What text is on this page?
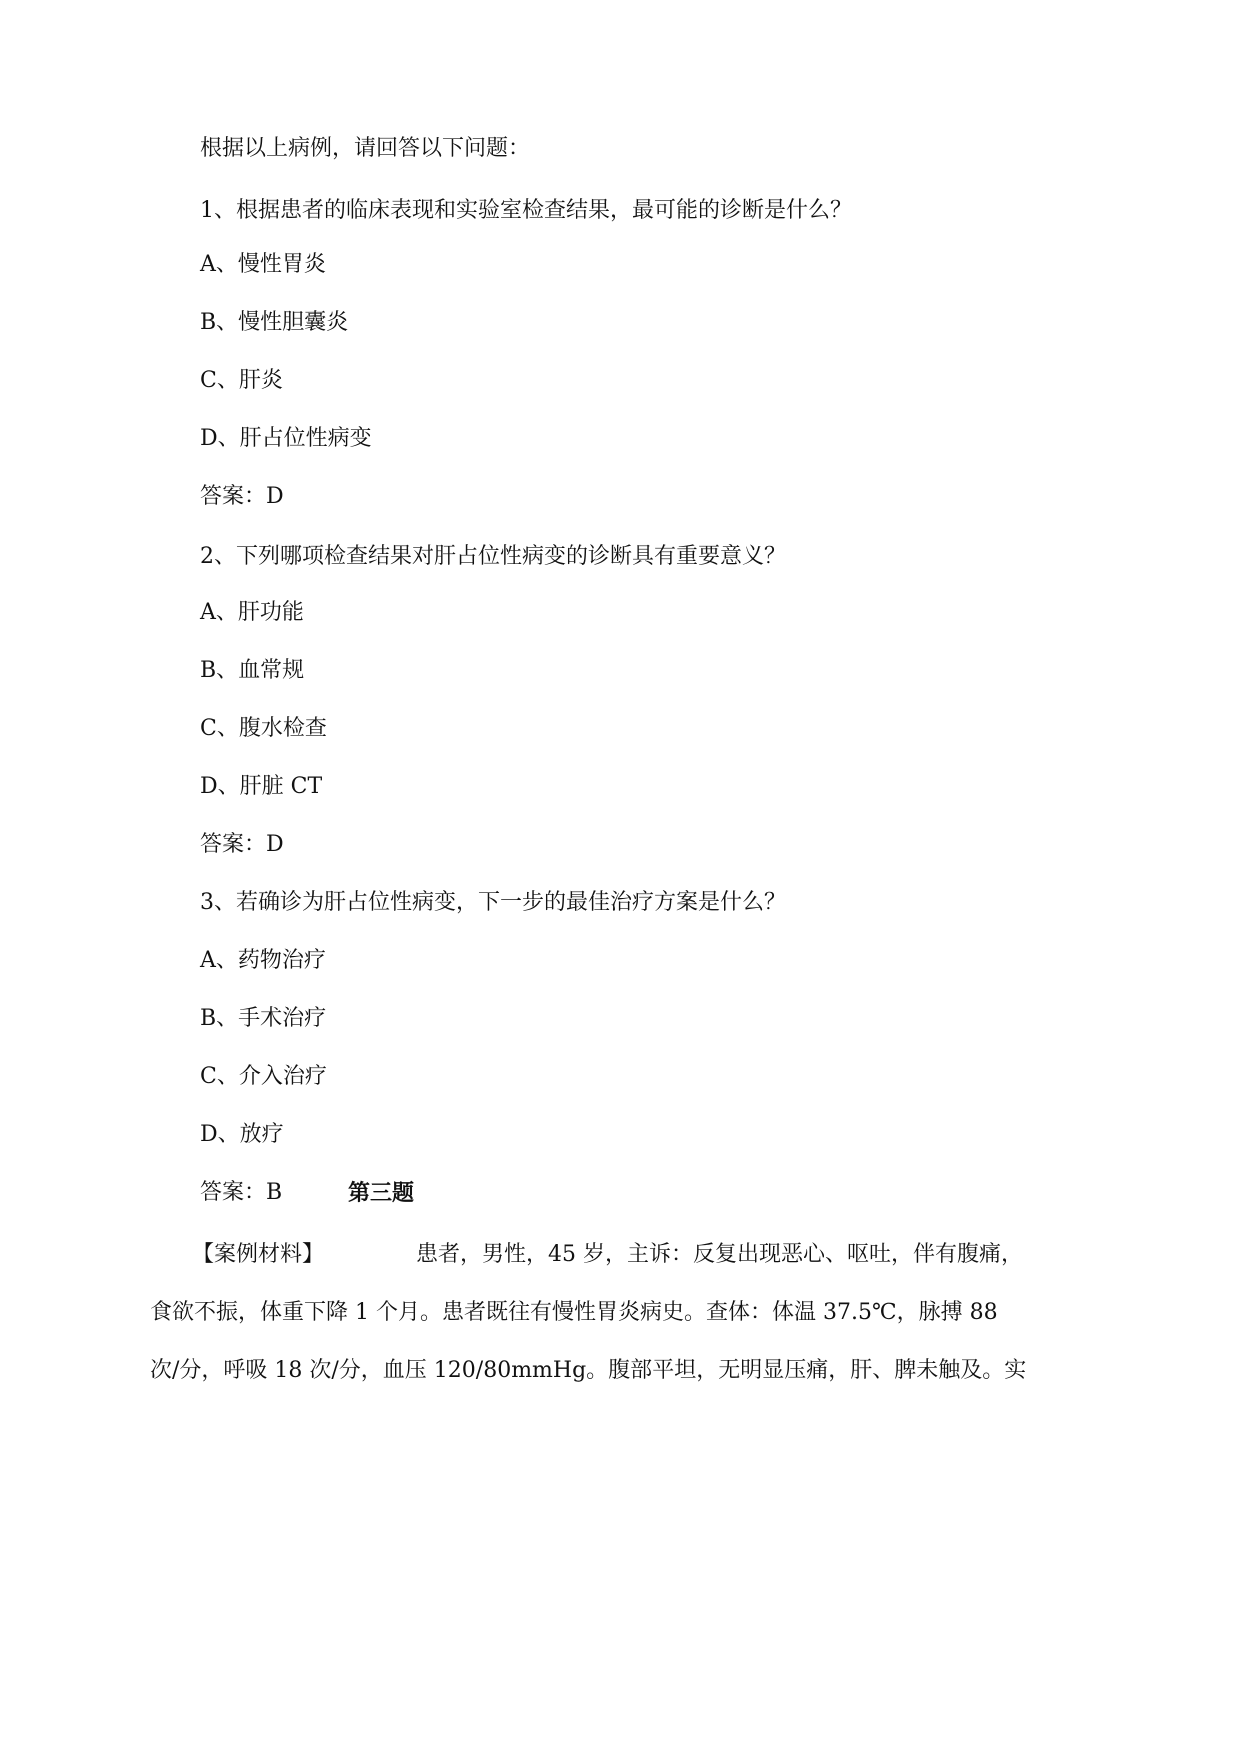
根据以上病例，请回答以下问题：
1、根据患者的临床表现和实验室检查结果，最可能的诊断是什么？
A、慢性胃炎
B、慢性胆囊炎
C、肝炎
D、肝占位性病变
答案：D
2、下列哪项检查结果对肝占位性病变的诊断具有重要意义？
A、肝功能
B、血常规
C、腹水检查
D、肝脏 CT
答案：D
3、若确诊为肝占位性病变，下一步的最佳治疗方案是什么？
A、药物治疗
B、手术治疗
C、介入治疗
D、放疗
答案：B	第三题
【案例材料】	患者，男性，45 岁，主诉：反复出现恶心、呕吐，伴有腹痛，
食欲不振，体重下降 1 个月。患者既往有慢性胃炎病史。查体：体温 37.5℃，脉搏 88
次/分，呼吸 18 次/分，血压 120/80mmHg。腹部平坦，无明显压痛，肝、脾未触及。实
